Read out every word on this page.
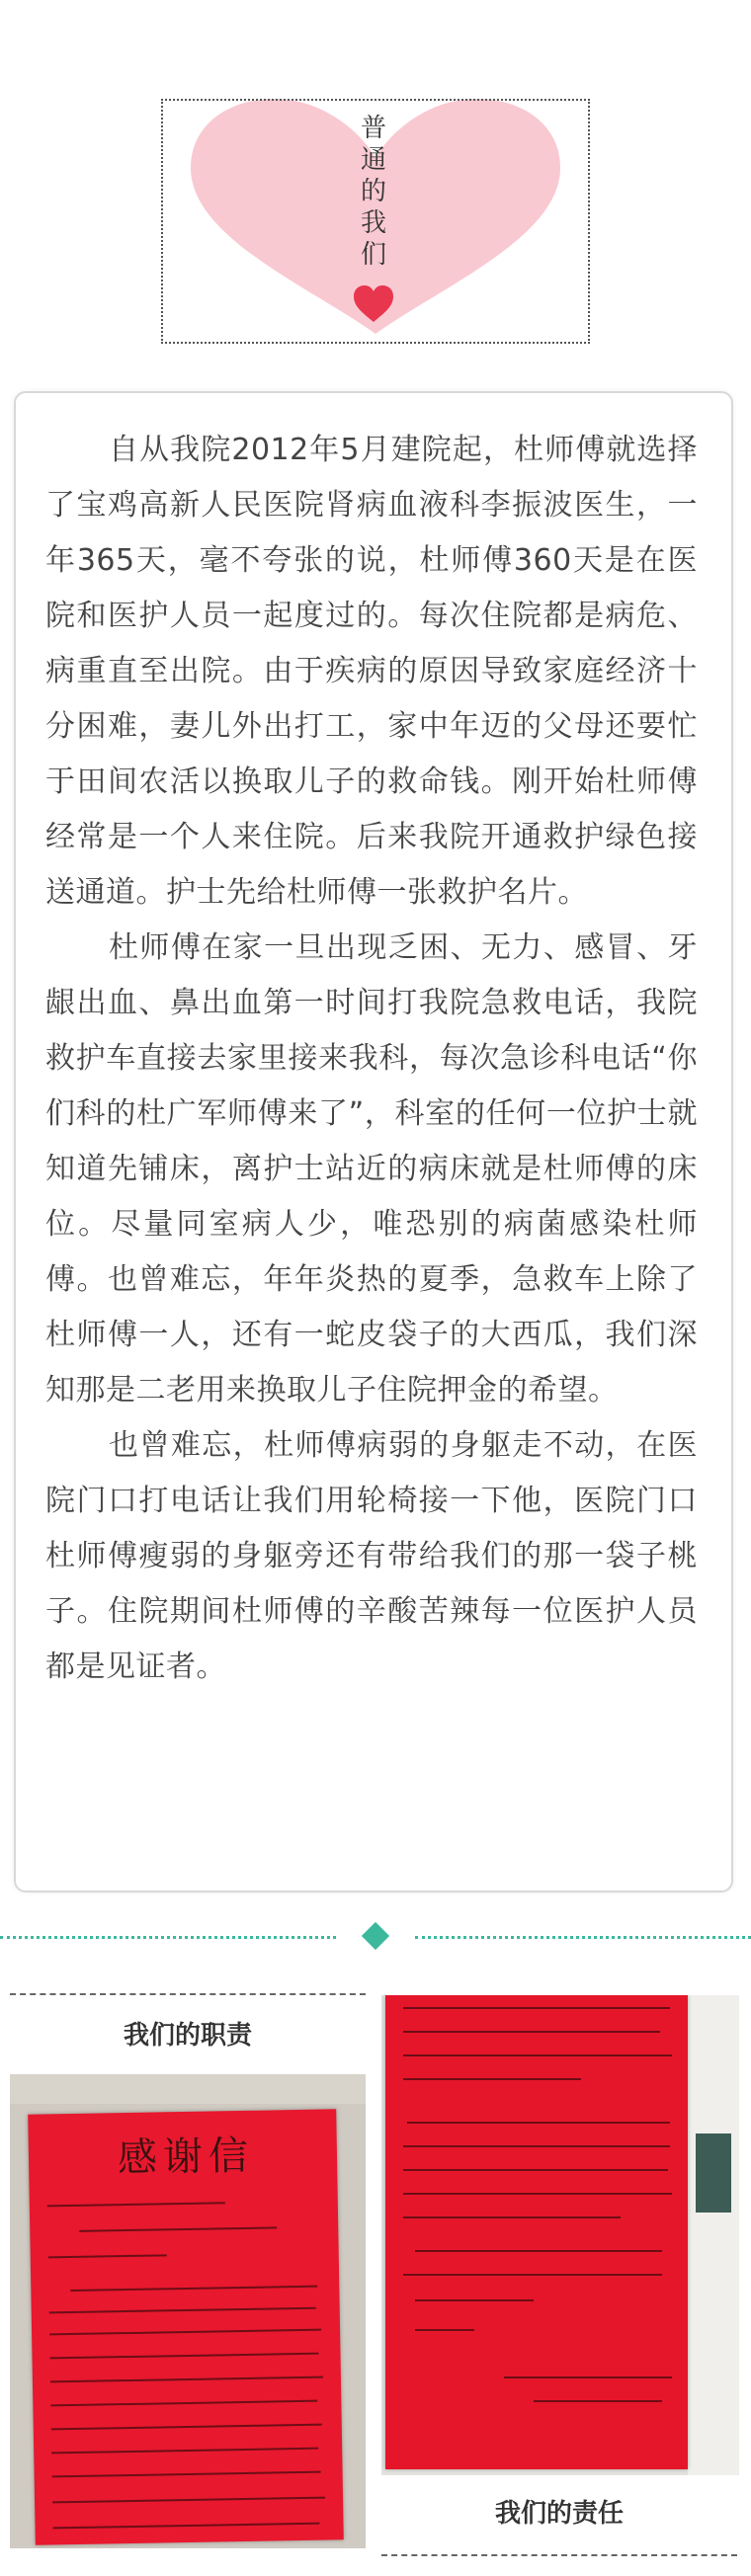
普
通
的
我
们

自从我院2012年5月建院起，杜师傅就选择了宝鸡高新人民医院肾病血液科李振波医生，一年365天，毫不夸张的说，杜师傅360天是在医院和医护人员一起度过的。每次住院都是病危、病重直至出院。由于疾病的原因导致家庭经济十分困难，妻儿外出打工，家中年迈的父母还要忙于田间农活以换取儿子的救命钱。刚开始杜师傅经常是一个人来住院。后来我院开通救护绿色接送通道。护士先给杜师傅一张救护名片。

杜师傅在家一旦出现乏困、无力、感冒、牙龈出血、鼻出血第一时间打我院急救电话，我院救护车直接去家里接来我科，每次急诊科电话“你们科的杜广军师傅来了”，科室的任何一位护士就知道先铺床，离护士站近的病床就是杜师傅的床位。尽量同室病人少，唯恐别的病菌感染杜师傅。也曾难忘，年年炎热的夏季，急救车上除了杜师傅一人，还有一蛇皮袋子的大西瓜，我们深知那是二老用来换取儿子住院押金的希望。

也曾难忘，杜师傅病弱的身躯走不动，在医院门口打电话让我们用轮椅接一下他，医院门口杜师傅瘦弱的身躯旁还有带给我们的那一袋子桃子。住院期间杜师傅的辛酸苦辣每一位医护人员都是见证者。

我们的职责
感谢信
我们的责任
